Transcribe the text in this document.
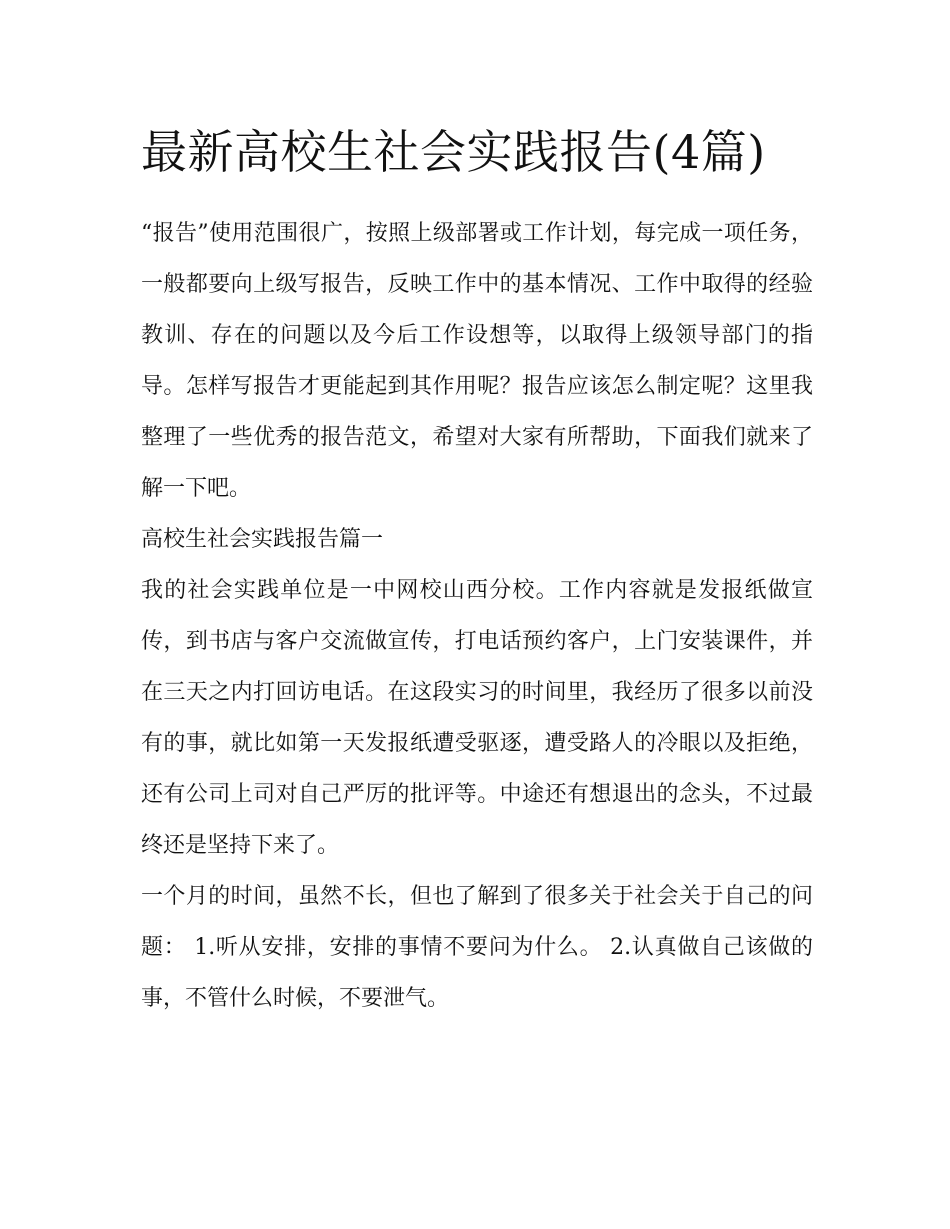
最新高校生社会实践报告(4篇)

“报告”使用范围很广，按照上级部署或工作计划，每完成一项任务，一般都要向上级写报告，反映工作中的基本情况、工作中取得的经验教训、存在的问题以及今后工作设想等，以取得上级领导部门的指导。怎样写报告才更能起到其作用呢？报告应该怎么制定呢？这里我整理了一些优秀的报告范文，希望对大家有所帮助，下面我们就来了解一下吧。

高校生社会实践报告篇一

我的社会实践单位是一中网校山西分校。工作内容就是发报纸做宣传，到书店与客户交流做宣传，打电话预约客户，上门安装课件，并在三天之内打回访电话。在这段实习的时间里，我经历了很多以前没有的事，就比如第一天发报纸遭受驱逐，遭受路人的冷眼以及拒绝，还有公司上司对自己严厉的批评等。中途还有想退出的念头，不过最终还是坚持下来了。

一个月的时间，虽然不长，但也了解到了很多关于社会关于自己的问题： 1.听从安排，安排的事情不要问为什么。 2.认真做自己该做的事，不管什么时候，不要泄气。
